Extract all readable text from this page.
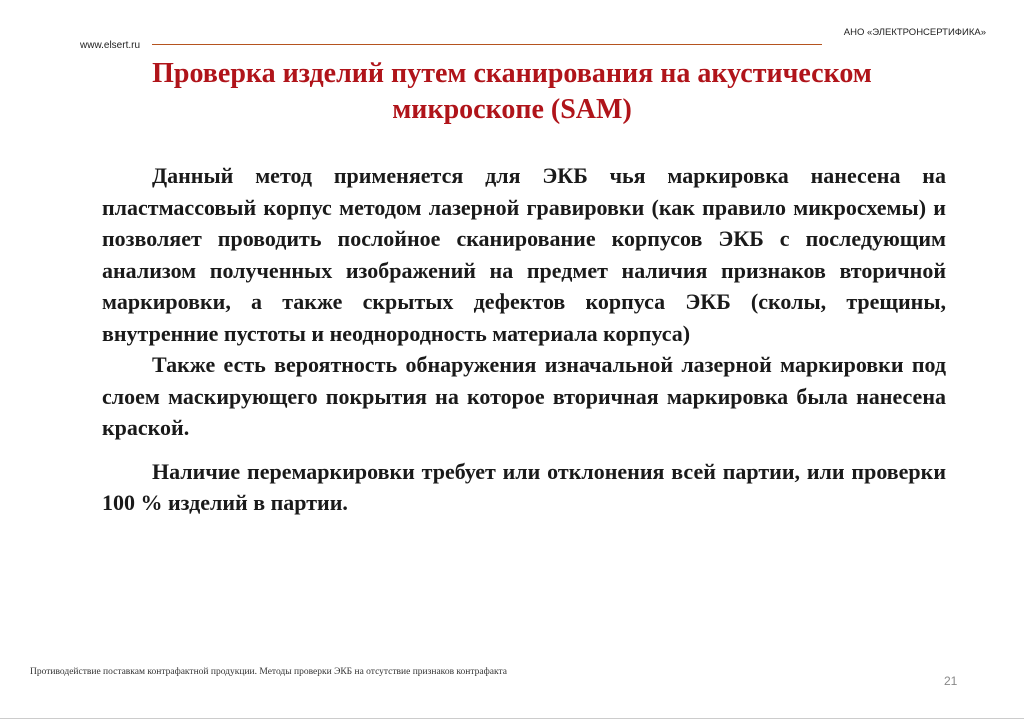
АНО «ЭЛЕКТРОНСЕРТИФИКА»
www.elsert.ru
Проверка изделий путем сканирования на акустическом
микроскопе (SAM)

Данный метод применяется для ЭКБ чья маркировка нанесена на пластмассовый корпус методом лазерной гравировки (как правило микросхемы) и позволяет проводить послойное сканирование корпусов ЭКБ с последующим анализом полученных изображений на предмет наличия признаков вторичной маркировки, а также скрытых дефектов корпуса ЭКБ (сколы, трещины, внутренние пустоты и неоднородность материала корпуса)

Также есть вероятность обнаружения изначальной лазерной маркировки под слоем маскирующего покрытия на которое вторичная маркировка была нанесена краской.

Наличие перемаркировки требует или отклонения всей партии, или проверки 100 % изделий в партии.

Противодействие поставкам контрафактной продукции. Методы проверки ЭКБ на отсутствие признаков контрафакта
21
